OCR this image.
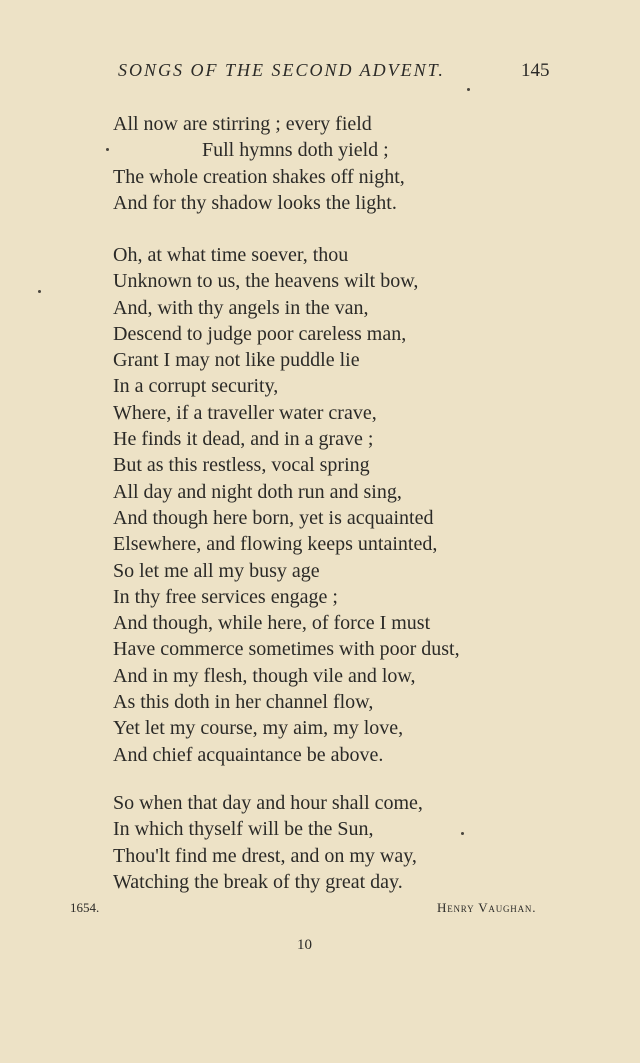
SONGS OF THE SECOND ADVENT.	145
All now are stirring ; every field
Full hymns doth yield ;
The whole creation shakes off night,
And for thy shadow looks the light.
Oh, at what time soever, thou
Unknown to us, the heavens wilt bow,
And, with thy angels in the van,
Descend to judge poor careless man,
Grant I may not like puddle lie
In a corrupt security,
Where, if a traveller water crave,
He finds it dead, and in a grave ;
But as this restless, vocal spring
All day and night doth run and sing,
And though here born, yet is acquainted
Elsewhere, and flowing keeps untainted,
So let me all my busy age
In thy free services engage ;
And though, while here, of force I must
Have commerce sometimes with poor dust,
And in my flesh, though vile and low,
As this doth in her channel flow,
Yet let my course, my aim, my love,
And chief acquaintance be above.
So when that day and hour shall come,
In which thyself will be the Sun,
Thou'lt find me drest, and on my way,
Watching the break of thy great day.
1654.	Henry Vaughan.
10
